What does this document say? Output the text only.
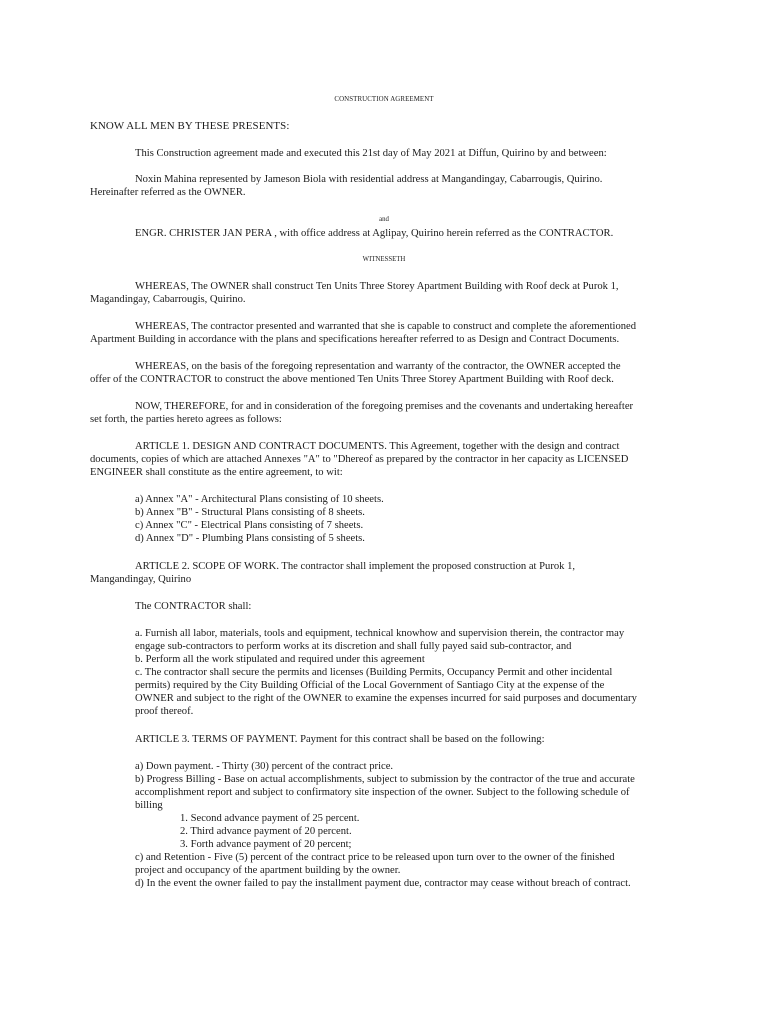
CONSTRUCTION AGREEMENT

KNOW ALL MEN BY THESE PRESENTS:

This Construction agreement made and executed this 21st day of May 2021 at Diffun, Quirino by and between:

Noxin Mahina represented by Jameson Biola with residential address at Mangandingay, Cabarrougis, Quirino.

Hereinafter referred as the OWNER.

and

ENGR. CHRISTER JAN PERA , with office address at Aglipay, Quirino herein referred as the CONTRACTOR.

WITNESSETH

WHEREAS, The OWNER shall construct Ten Units Three Storey Apartment Building with Roof deck at Purok 1,

Magandingay, Cabarrougis, Quirino.

WHEREAS, The contractor presented and warranted that she is capable to construct and complete the aforementioned

Apartment Building in accordance with the plans and specifications hereafter referred to as Design and Contract Documents.

WHEREAS, on the basis of the foregoing representation and warranty of the contractor, the OWNER accepted the

offer of the CONTRACTOR to construct the above mentioned Ten Units Three Storey Apartment Building with Roof deck.

NOW, THEREFORE, for and in consideration of the foregoing premises and the covenants and undertaking hereafter

set forth, the parties hereto agrees as follows:

ARTICLE 1. DESIGN AND CONTRACT DOCUMENTS. This Agreement, together with the design and contract

documents, copies of which are attached Annexes "A" to "Dhereof as prepared by the contractor in her capacity as LICENSED

ENGINEER shall constitute as the entire agreement, to wit:

a) Annex "A" - Architectural Plans consisting of 10 sheets.

b) Annex "B" - Structural Plans consisting of 8 sheets.

c) Annex "C" - Electrical Plans consisting of 7 sheets.

d) Annex "D" - Plumbing Plans consisting of 5 sheets.

ARTICLE 2. SCOPE OF WORK. The contractor shall implement the proposed construction at Purok 1,

Mangandingay, Quirino

The CONTRACTOR shall:

a. Furnish all labor, materials, tools and equipment, technical knowhow and supervision therein, the contractor may

engage sub-contractors to perform works at its discretion and shall fully payed said sub-contractor, and

b. Perform all the work stipulated and required under this agreement

c. The contractor shall secure the permits and licenses (Building Permits, Occupancy Permit and other incidental

permits) required by the City Building Official of the Local Government of Santiago City at the expense of the

OWNER and subject to the right of the OWNER to examine the expenses incurred for said purposes and documentary

proof thereof.

ARTICLE 3. TERMS OF PAYMENT. Payment for this contract shall be based on the following:

a) Down payment. - Thirty (30) percent of the contract price.

b) Progress Billing - Base on actual accomplishments, subject to submission by the contractor of the true and accurate

accomplishment report and subject to confirmatory site inspection of the owner. Subject to the following schedule of

billing

1. Second advance payment of 25 percent.

2. Third advance payment of 20 percent.

3. Forth advance payment of 20 percent;

c) and Retention - Five (5) percent of the contract price to be released upon turn over to the owner of the finished

project and occupancy of the apartment building by the owner.

d) In the event the owner failed to pay the installment payment due, contractor may cease without breach of contract.
